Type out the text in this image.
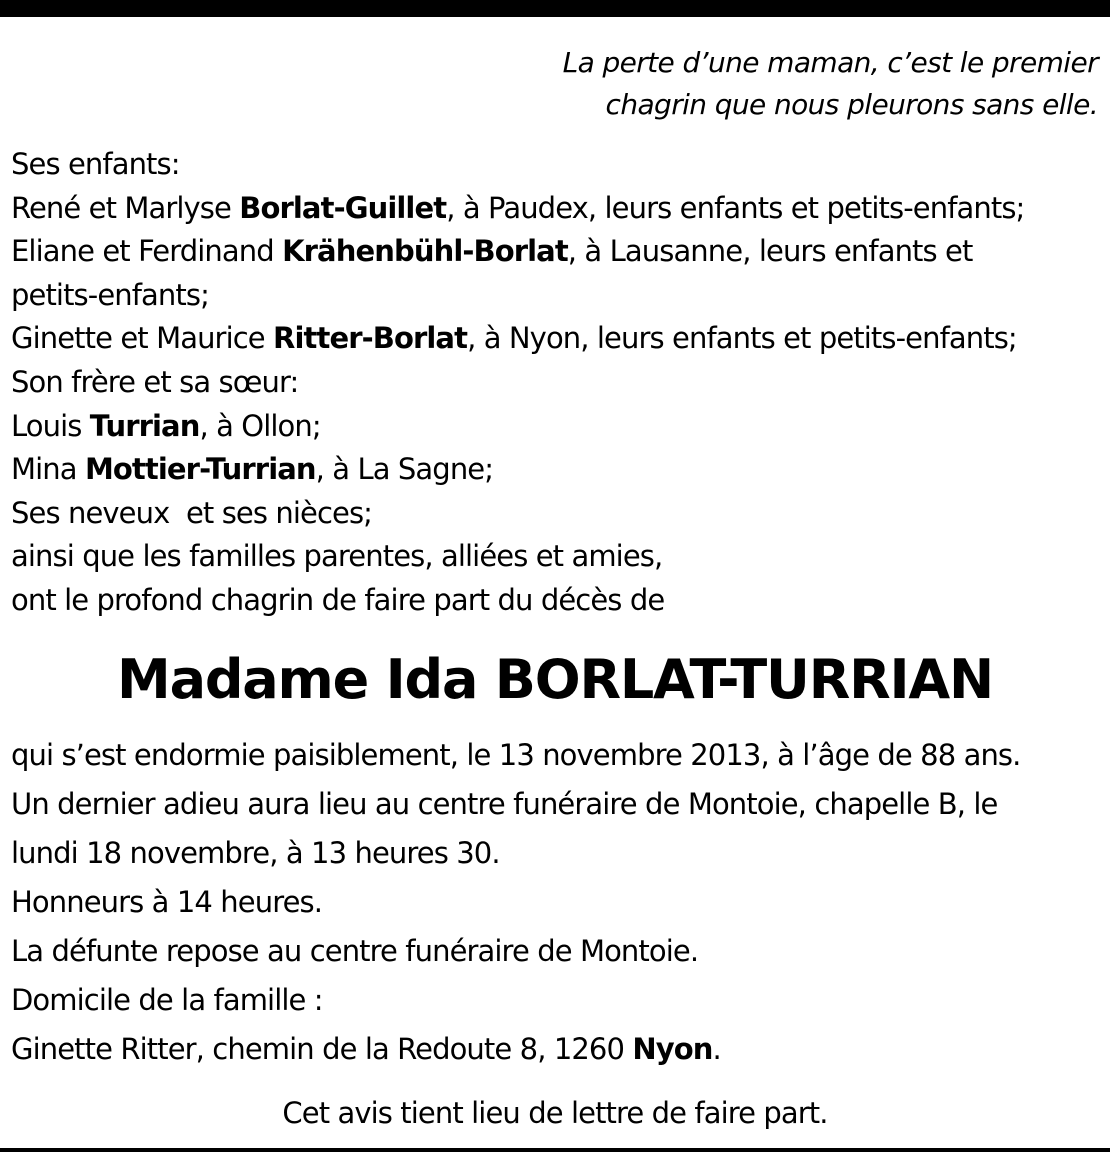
La perte d’une maman, c’est le premier
chagrin que nous pleurons sans elle.
Ses enfants:
René et Marlyse Borlat-Guillet, à Paudex, leurs enfants et petits-enfants;
Eliane et Ferdinand Krähenbühl-Borlat, à Lausanne, leurs enfants et
petits-enfants;
Ginette et Maurice Ritter-Borlat, à Nyon, leurs enfants et petits-enfants;
Son frère et sa sœur:
Louis Turrian, à Ollon;
Mina Mottier-Turrian, à La Sagne;
Ses neveux  et ses nièces;
ainsi que les familles parentes, alliées et amies,
ont le profond chagrin de faire part du décès de
Madame Ida BORLAT-TURRIAN
qui s’est endormie paisiblement, le 13 novembre 2013, à l’âge de 88 ans.
Un dernier adieu aura lieu au centre funéraire de Montoie, chapelle B, le
lundi 18 novembre, à 13 heures 30.
Honneurs à 14 heures.
La défunte repose au centre funéraire de Montoie.
Domicile de la famille :
Ginette Ritter, chemin de la Redoute 8, 1260 Nyon.
Cet avis tient lieu de lettre de faire part.
